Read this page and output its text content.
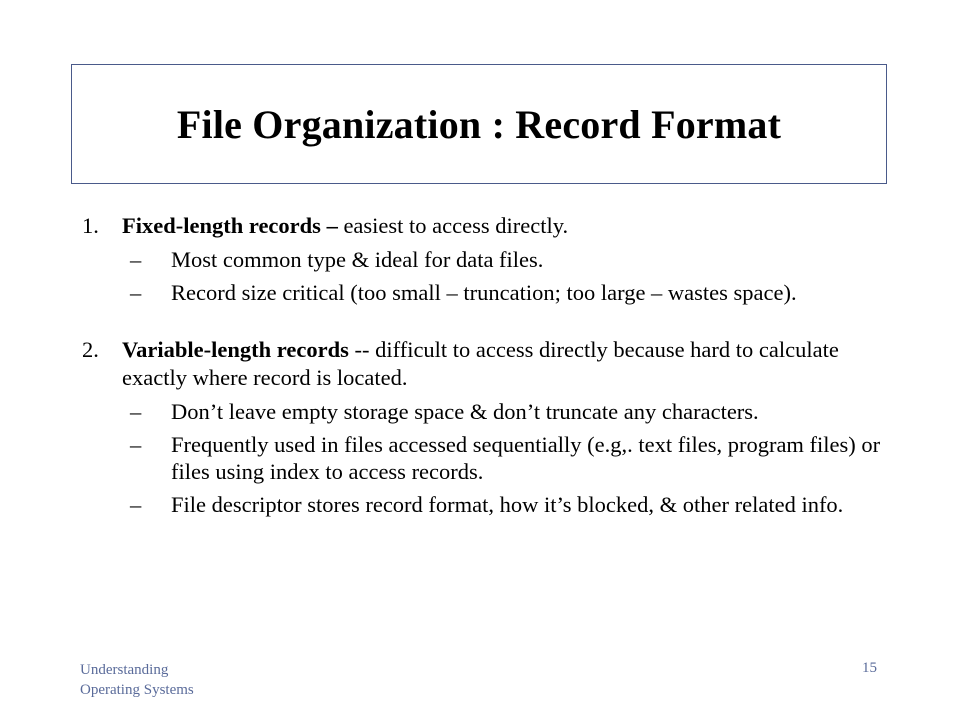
File Organization : Record Format
1. Fixed-length records – easiest to access directly.
– Most common type & ideal for data files.
– Record size critical (too small – truncation; too large – wastes space).
2. Variable-length records -- difficult to access directly because hard to calculate exactly where record is located.
– Don’t leave empty storage space & don’t truncate any characters.
– Frequently used in files accessed sequentially (e.g,. text files, program files) or files using index to access records.
– File descriptor stores record format, how it’s blocked, & other related info.
Understanding
Operating Systems
15
